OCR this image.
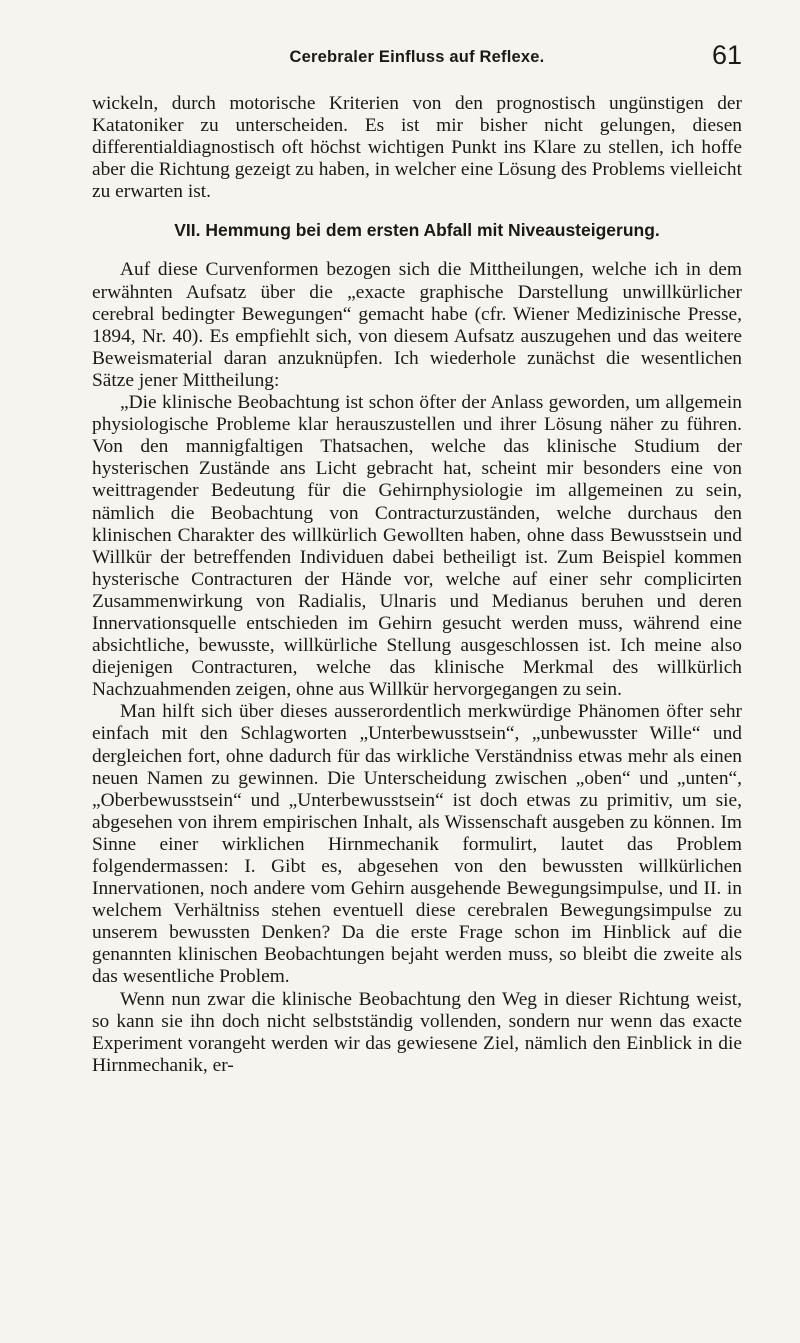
Cerebraler Einfluss auf Reflexe.	61

wickeln, durch motorische Kriterien von den prognostisch ungünstigen der Katatoniker zu unterscheiden. Es ist mir bisher nicht gelungen, diesen differentialdiagnostisch oft höchst wichtigen Punkt ins Klare zu stellen, ich hoffe aber die Richtung gezeigt zu haben, in welcher eine Lösung des Problems vielleicht zu erwarten ist.

VII. Hemmung bei dem ersten Abfall mit Niveausteigerung.

Auf diese Curvenformen bezogen sich die Mittheilungen, welche ich in dem erwähnten Aufsatz über die „exacte graphische Darstellung unwillkürlicher cerebral bedingter Bewegungen“ gemacht habe (cfr. Wiener Medizinische Presse, 1894, Nr. 40). Es empfiehlt sich, von diesem Aufsatz auszugehen und das weitere Beweismaterial daran anzuknüpfen. Ich wiederhole zunächst die wesentlichen Sätze jener Mittheilung:

„Die klinische Beobachtung ist schon öfter der Anlass geworden, um allgemein physiologische Probleme klar herauszustellen und ihrer Lösung näher zu führen. Von den mannigfaltigen Thatsachen, welche das klinische Studium der hysterischen Zustände ans Licht gebracht hat, scheint mir besonders eine von weittragender Bedeutung für die Gehirnphysiologie im allgemeinen zu sein, nämlich die Beobachtung von Contracturzuständen, welche durchaus den klinischen Charakter des willkürlich Gewollten haben, ohne dass Bewusstsein und Willkür der betreffenden Individuen dabei betheiligt ist. Zum Beispiel kommen hysterische Contracturen der Hände vor, welche auf einer sehr complicirten Zusammenwirkung von Radialis, Ulnaris und Medianus beruhen und deren Innervationsquelle entschieden im Gehirn gesucht werden muss, während eine absichtliche, bewusste, willkürliche Stellung ausgeschlossen ist. Ich meine also diejenigen Contracturen, welche das klinische Merkmal des willkürlich Nachzuahmenden zeigen, ohne aus Willkür hervorgegangen zu sein.

Man hilft sich über dieses ausserordentlich merkwürdige Phänomen öfter sehr einfach mit den Schlagworten „Unterbewusstsein“, „unbewusster Wille“ und dergleichen fort, ohne dadurch für das wirkliche Verständniss etwas mehr als einen neuen Namen zu gewinnen. Die Unterscheidung zwischen „oben“ und „unten“, „Oberbewusstsein“ und „Unterbewusstsein“ ist doch etwas zu primitiv, um sie, abgesehen von ihrem empirischen Inhalt, als Wissenschaft ausgeben zu können. Im Sinne einer wirklichen Hirnmechanik formulirt, lautet das Problem folgendermassen: I. Gibt es, abgesehen von den bewussten willkürlichen Innervationen, noch andere vom Gehirn ausgehende Bewegungsimpulse, und II. in welchem Verhältniss stehen eventuell diese cerebralen Bewegungsimpulse zu unserem bewussten Denken? Da die erste Frage schon im Hinblick auf die genannten klinischen Beobachtungen bejaht werden muss, so bleibt die zweite als das wesentliche Problem.

Wenn nun zwar die klinische Beobachtung den Weg in dieser Richtung weist, so kann sie ihn doch nicht selbstständig vollenden, sondern nur wenn das exacte Experiment vorangeht werden wir das gewiesene Ziel, nämlich den Einblick in die Hirnmechanik, er-
